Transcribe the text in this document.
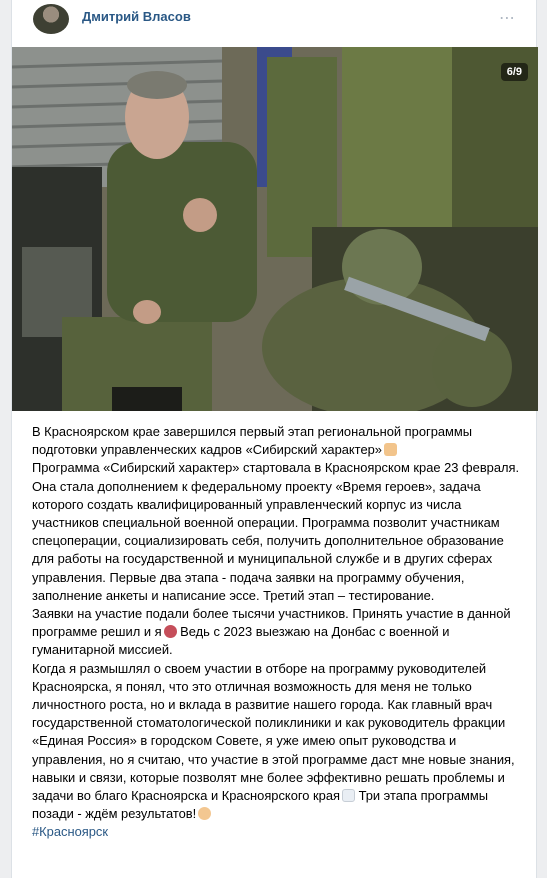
Дмитрий Власов	⋯
6/9

В Красноярском крае завершился первый этап региональной программы подготовки управленческих кадров «Сибирский характер»

Программа «Сибирский характер» стартовала в Красноярском крае 23 февраля. Она стала дополнением к федеральному проекту «Время героев», задача которого создать квалифицированный управленческий корпус из числа участников специальной военной операции. Программа позволит участникам спецоперации, социализировать себя, получить дополнительное образование для работы на государственной и муниципальной службе и в других сферах управления. Первые два этапа - подача заявки на программу обучения, заполнение анкеты и написание эссе. Третий этап – тестирование.

Заявки на участие подали более тысячи участников. Принять участие в данной программе решил и я Ведь с 2023 выезжаю на Донбас с военной и гуманитарной миссией.

Когда я размышлял о своем участии в отборе на программу руководителей Красноярска, я понял, что это отличная возможность для меня не только личностного роста, но и вклада в развитие нашего города. Как главный врач государственной стоматологической поликлиники и как руководитель фракции «Единая Россия» в городском Совете, я уже имею опыт руководства и управления, но я считаю, что участие в этой программе даст мне новые знания, навыки и связи, которые позволят мне более эффективно решать проблемы и задачи во благо Красноярска и Красноярского края Три этапа программы позади - ждём результатов!

#Красноярск
